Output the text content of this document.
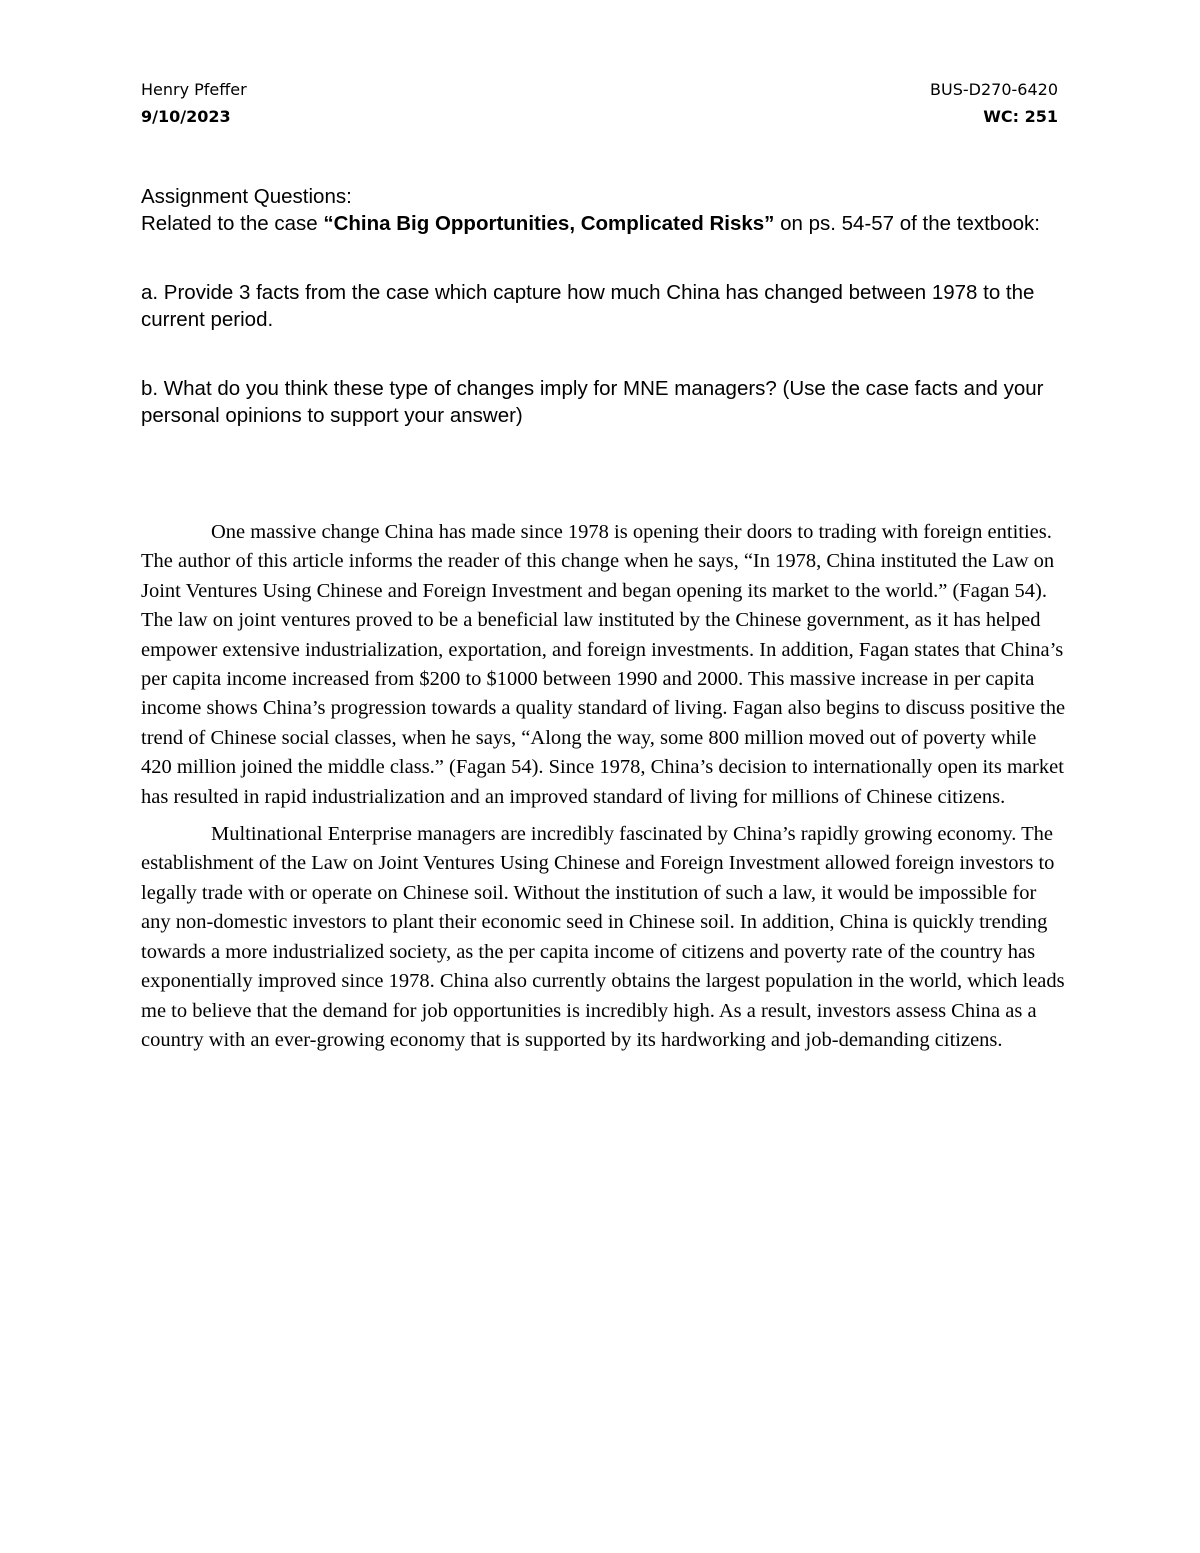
Henry Pfeffer	BUS-D270-6420
9/10/2023	WC: 251

Assignment Questions:

Related to the case “China Big Opportunities, Complicated Risks” on ps. 54-57 of the textbook:

a. Provide 3 facts from the case which capture how much China has changed between 1978 to the current period.

b. What do you think these type of changes imply for MNE managers? (Use the case facts and your personal opinions to support your answer)

One massive change China has made since 1978 is opening their doors to trading with foreign entities. The author of this article informs the reader of this change when he says, “In 1978, China instituted the Law on Joint Ventures Using Chinese and Foreign Investment and began opening its market to the world.” (Fagan 54). The law on joint ventures proved to be a beneficial law instituted by the Chinese government, as it has helped empower extensive industrialization, exportation, and foreign investments. In addition, Fagan states that China’s per capita income increased from $200 to $1000 between 1990 and 2000. This massive increase in per capita income shows China’s progression towards a quality standard of living. Fagan also begins to discuss positive the trend of Chinese social classes, when he says, “Along the way, some 800 million moved out of poverty while 420 million joined the middle class.” (Fagan 54). Since 1978, China’s decision to internationally open its market has resulted in rapid industrialization and an improved standard of living for millions of Chinese citizens.

Multinational Enterprise managers are incredibly fascinated by China’s rapidly growing economy. The establishment of the Law on Joint Ventures Using Chinese and Foreign Investment allowed foreign investors to legally trade with or operate on Chinese soil. Without the institution of such a law, it would be impossible for any non-domestic investors to plant their economic seed in Chinese soil. In addition, China is quickly trending towards a more industrialized society, as the per capita income of citizens and poverty rate of the country has exponentially improved since 1978. China also currently obtains the largest population in the world, which leads me to believe that the demand for job opportunities is incredibly high. As a result, investors assess China as a country with an ever-growing economy that is supported by its hardworking and job-demanding citizens.
